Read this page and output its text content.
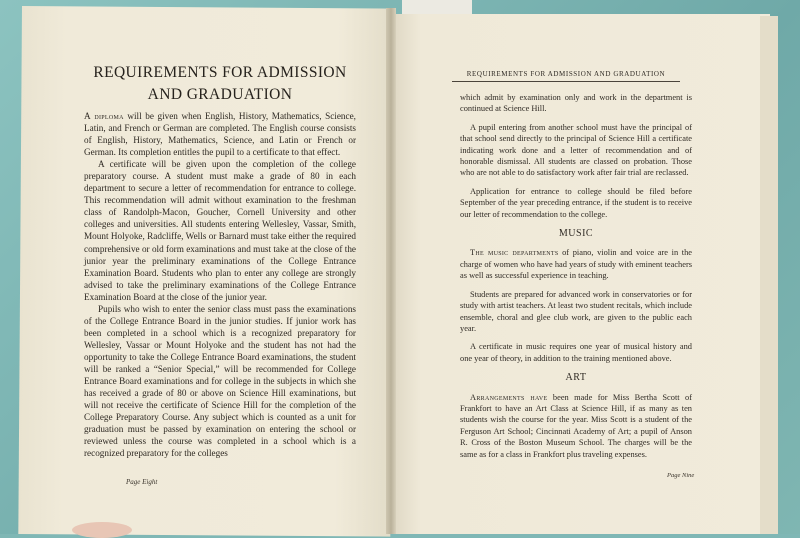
REQUIREMENTS FOR ADMISSION
AND GRADUATION

A diploma will be given when English, History, Mathematics, Science, Latin, and French or German are completed. The English course consists of English, History, Mathematics, Science, and Latin or French or German. Its completion entitles the pupil to a certificate to that effect.

A certificate will be given upon the completion of the college preparatory course. A student must make a grade of 80 in each department to secure a letter of recommendation for entrance to college. This recommendation will admit without examination to the freshman class of Randolph-Macon, Goucher, Cornell University and other colleges and universities. All students entering Wellesley, Vassar, Smith, Mount Holyoke, Radcliffe, Wells or Barnard must take either the required comprehensive or old form examinations and must take at the close of the junior year the preliminary examinations of the College Entrance Examination Board. Students who plan to enter any college are strongly advised to take the preliminary examinations of the College Entrance Examination Board at the close of the junior year.

Pupils who wish to enter the senior class must pass the examinations of the College Entrance Board in the junior studies. If junior work has been completed in a school which is a recognized preparatory for Wellesley, Vassar or Mount Holyoke and the student has not had the opportunity to take the College Entrance Board examinations, the student will be ranked a “Senior Special,” will be recommended for College Entrance Board examinations and for college in the subjects in which she has received a grade of 80 or above on Science Hill examinations, but will not receive the certificate of Science Hill for the completion of the College Preparatory Course. Any subject which is counted as a unit for graduation must be passed by examination on entering the school or reviewed unless the course was completed in a school which is a recognized preparatory for the colleges

Page Eight
REQUIREMENTS FOR ADMISSION AND GRADUATION

which admit by examination only and work in the department is continued at Science Hill.

A pupil entering from another school must have the principal of that school send directly to the principal of Science Hill a certificate indicating work done and a letter of recommendation and of honorable dismissal. All students are classed on probation. Those who are not able to do satisfactory work after fair trial are reclassed.

Application for entrance to college should be filed before September of the year preceding entrance, if the student is to receive our letter of recommendation to the college.

MUSIC

The music departments of piano, violin and voice are in the charge of women who have had years of study with eminent teachers as well as successful experience in teaching.

Students are prepared for advanced work in conservatories or for study with artist teachers. At least two student recitals, which include ensemble, choral and glee club work, are given to the public each year.

A certificate in music requires one year of musical history and one year of theory, in addition to the training mentioned above.

ART

Arrangements have been made for Miss Bertha Scott of Frankfort to have an Art Class at Science Hill, if as many as ten students wish the course for the year. Miss Scott is a student of the Ferguson Art School; Cincinnati Academy of Art; a pupil of Anson R. Cross of the Boston Museum School. The charges will be the same as for a class in Frankfort plus traveling expenses.

Page Nine
